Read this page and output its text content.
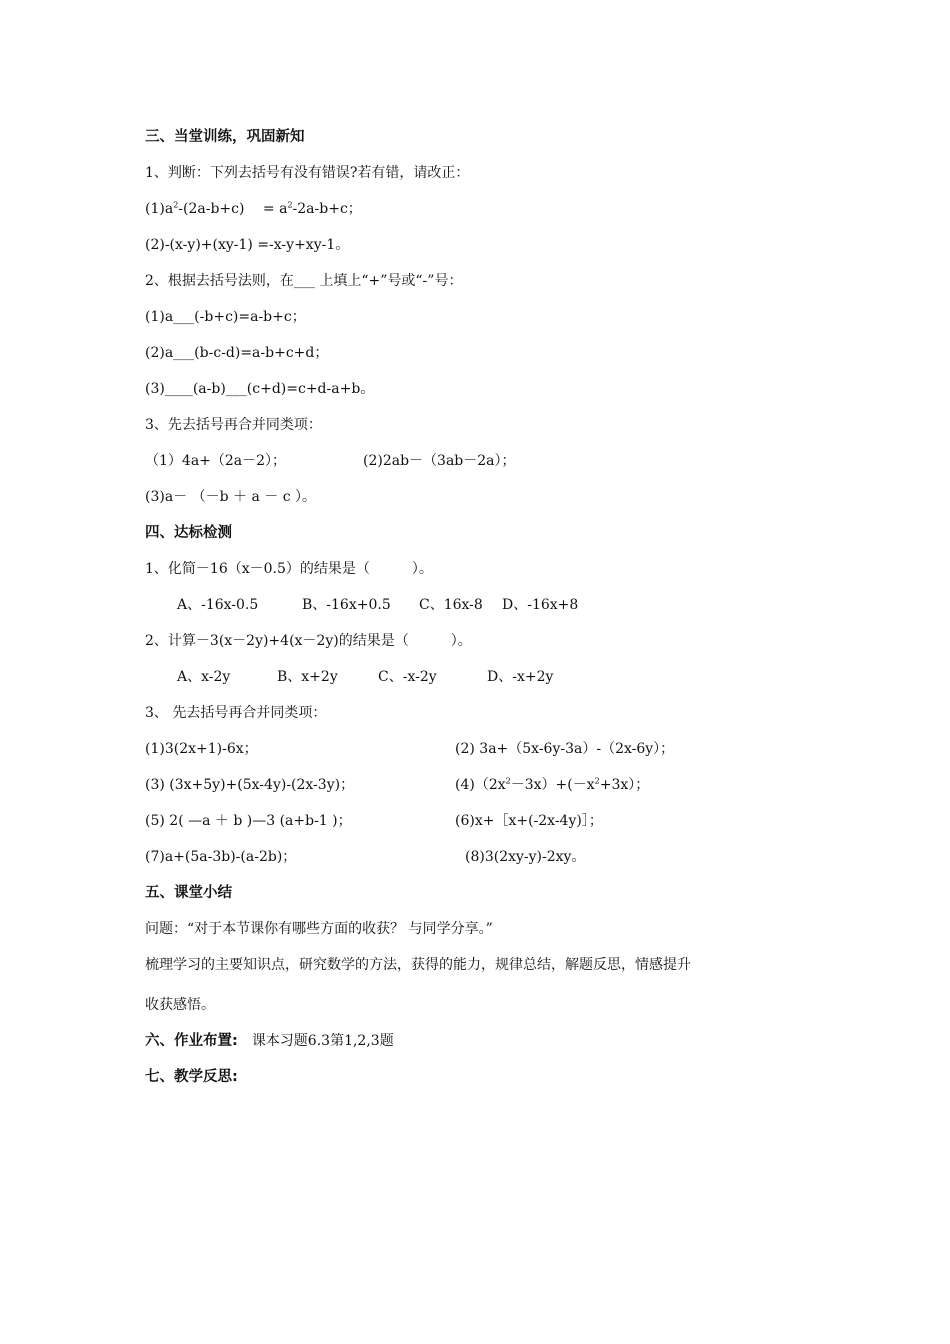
三、当堂训练，巩固新知
1、判断：下列去括号有没有错误?若有错，请改正：
$(1)a^2-(2a-b+c)$　 = $a^2-2a-b+c$；
(2)-(x-y)+(xy-1) =-x-y+xy-1。
2、根据去括号法则，在___ 上填上“+”号或“-”号：
(1)a___(-b+c)=a-b+c；
(2)a___(b-c-d)=a-b+c+d；
(3)____(a-b)___(c+d)=c+d-a+b。
3、先去括号再合并同类项：
（1）4a+（2a－2）；	(2)2ab－（3ab－2a）；
(3)a－ （－b ＋ a － c ）。
四、达标检测
1、化简－16（x－0.5）的结果是（　　　）。
A、-16x-0.5	B、-16x+0.5 C、16x-8 D、-16x+8
2、计算－3(x－2y)+4(x－2y)的结果是（　　　）。
A、x-2y	B、x+2y	C、-x-2y	D、-x+2y
3、 先去括号再合并同类项：
(1)3(2x+1)-6x；	(2) 3a+（5x-6y-3a）-（2x-6y）；
(3) (3x+5y)+(5x-4y)-(2x-3y)；	$(4)(2x^2-3x)+(-x^2+3x)$；
(5) 2( —a ＋ b )—3 (a+b-1 )；	(6)x+［x+(-2x-4y)］；
(7)a+(5a-3b)-(a-2b)；	(8)3(2xy-y)-2xy。
五、课堂小结
问题：“对于本节课你有哪些方面的收获？ 与同学分享。”
梳理学习的主要知识点，研究数学的方法，获得的能力，规律总结，解题反思，情感提升
收获感悟。
六、作业布置: 课本习题6.3第1,2,3题
七、教学反思:
